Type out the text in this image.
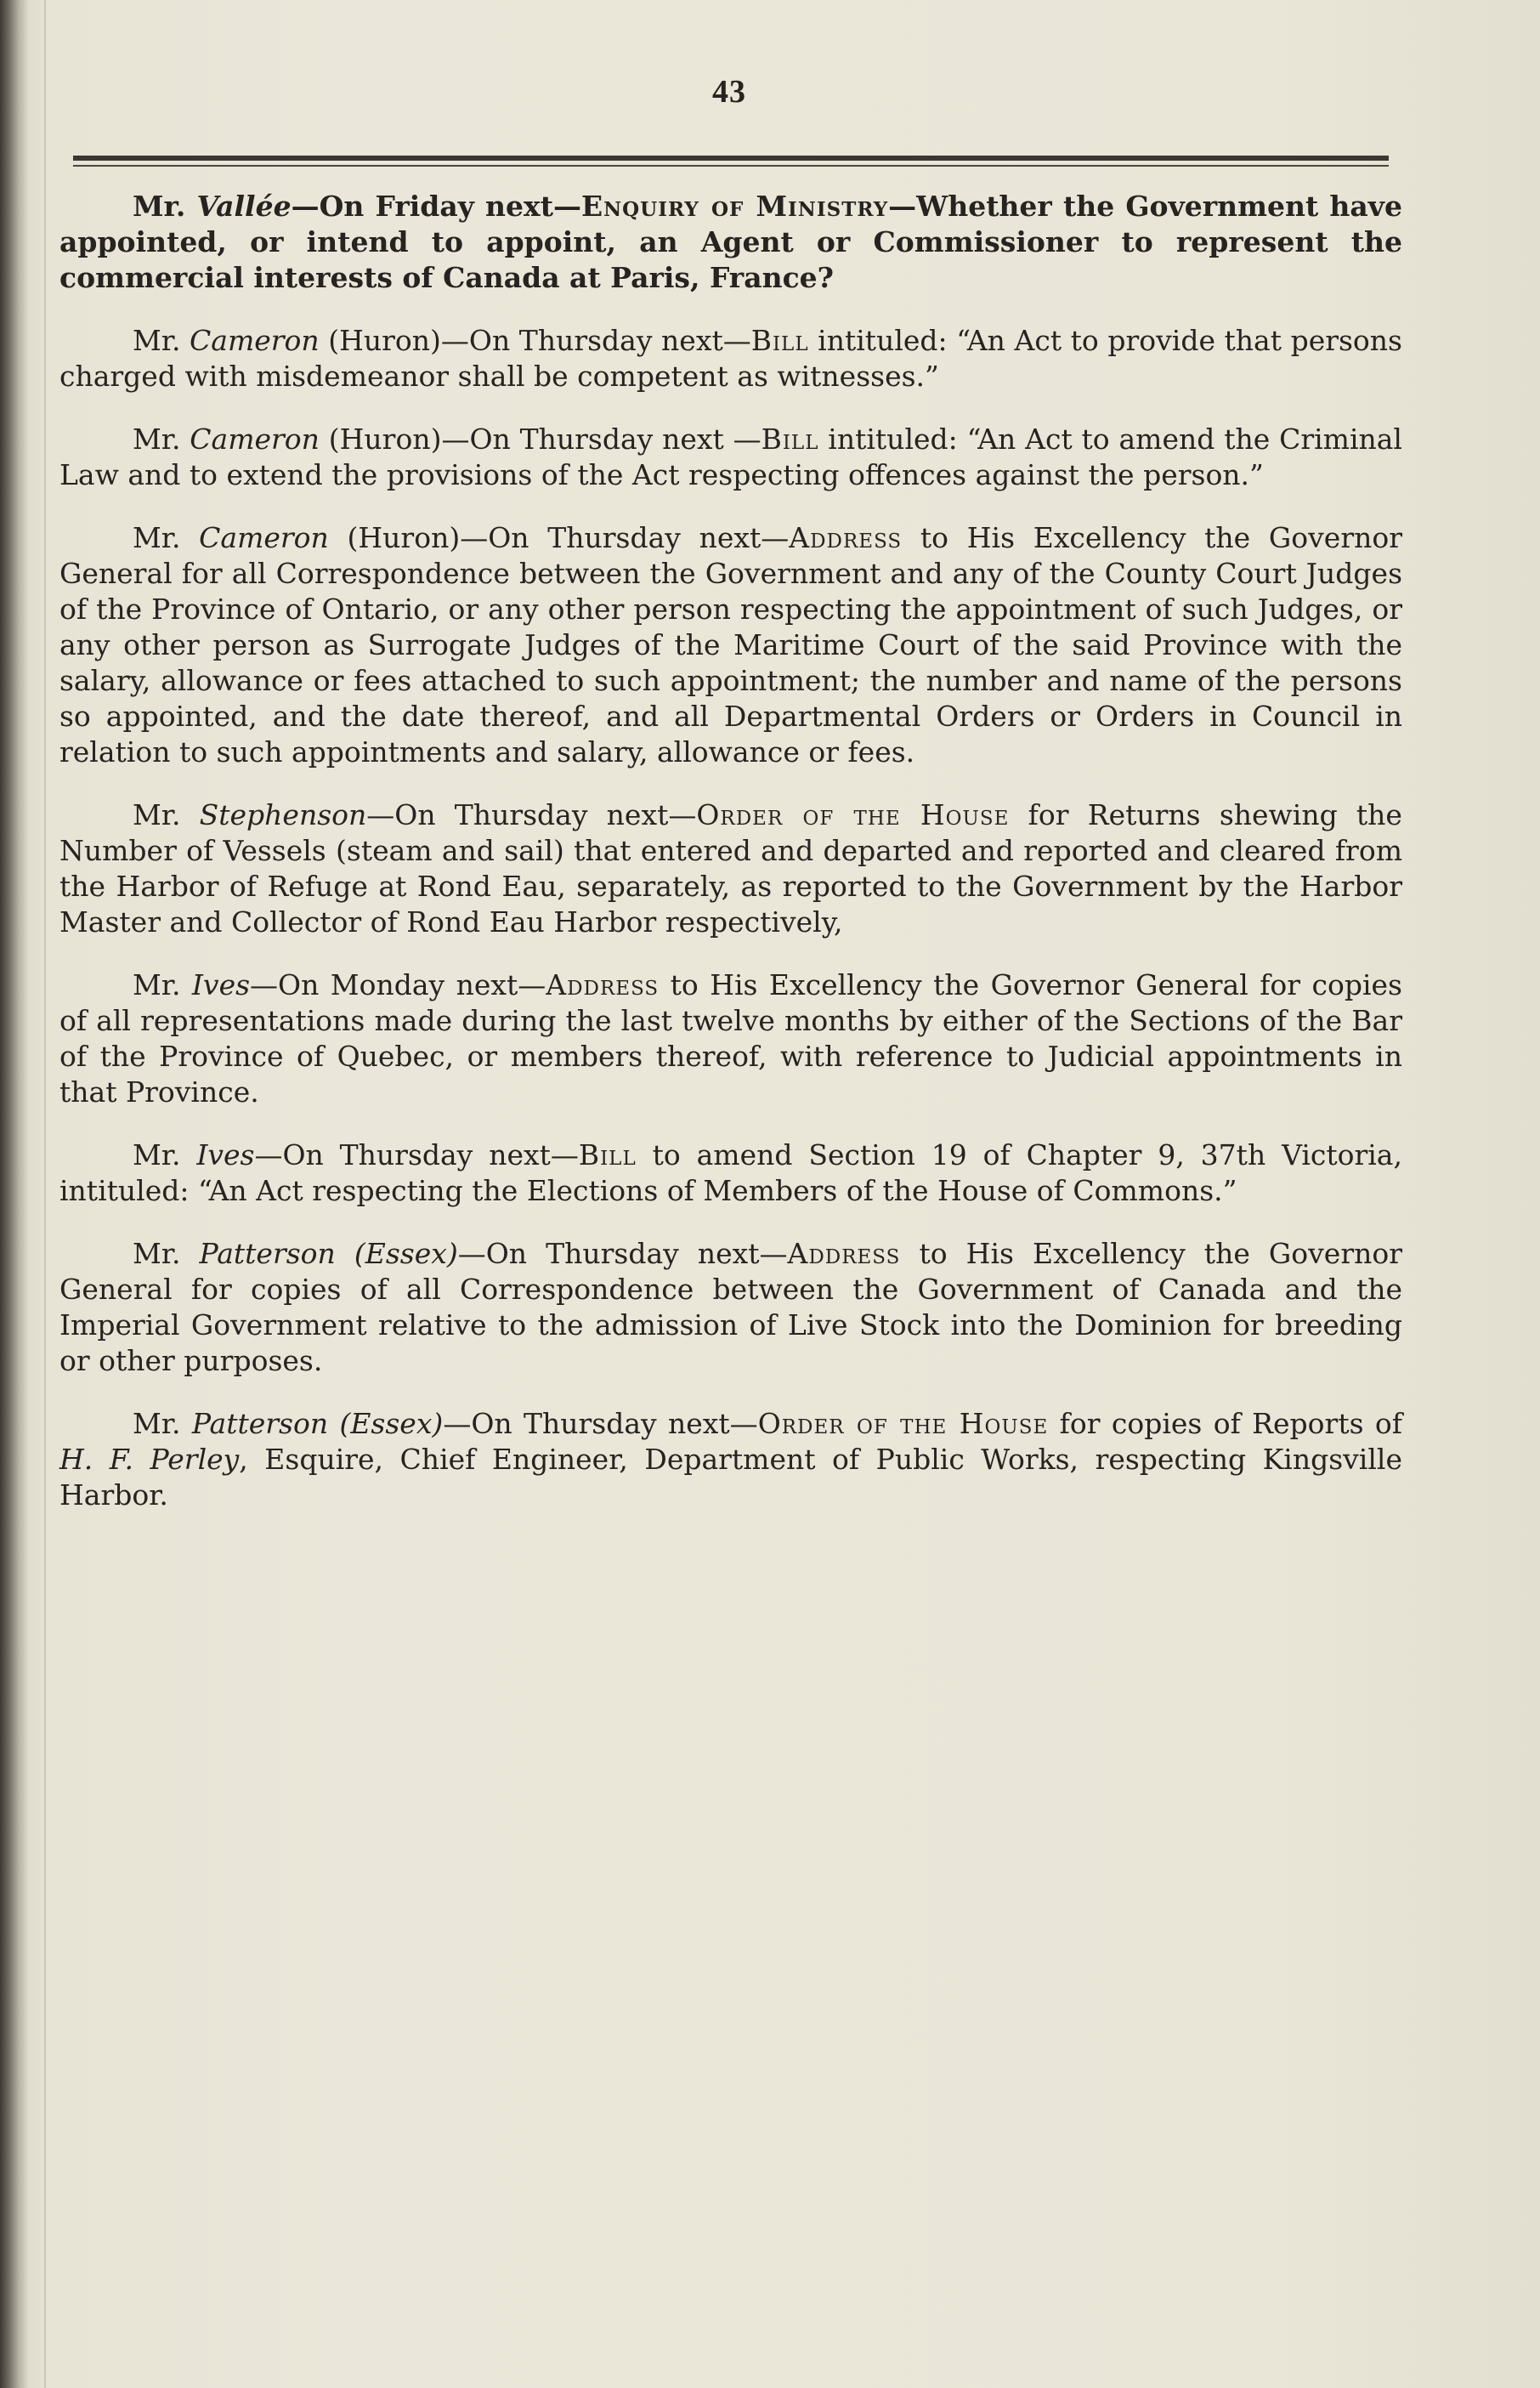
43

Mr. Vallée—On Friday next—Enquiry of Ministry—Whether the Government have appointed, or intend to appoint, an Agent or Commissioner to represent the commercial interests of Canada at Paris, France?

Mr. Cameron (Huron)—On Thursday next—Bill intituled: “An Act to provide that persons charged with misdemeanor shall be competent as witnesses.”

Mr. Cameron (Huron)—On Thursday next —Bill intituled: “An Act to amend the Criminal Law and to extend the provisions of the Act respecting offences against the person.”

Mr. Cameron (Huron)—On Thursday next—Address to His Excellency the Governor General for all Correspondence between the Government and any of the County Court Judges of the Province of Ontario, or any other person respecting the appointment of such Judges, or any other person as Surrogate Judges of the Maritime Court of the said Province with the salary, allowance or fees attached to such appointment; the number and name of the persons so appointed, and the date thereof, and all Departmental Orders or Orders in Council in relation to such appointments and salary, allowance or fees.

Mr. Stephenson—On Thursday next—Order of the House for Returns shewing the Number of Vessels (steam and sail) that entered and departed and reported and cleared from the Harbor of Refuge at Rond Eau, separately, as reported to the Government by the Harbor Master and Collector of Rond Eau Harbor respectively,

Mr. Ives—On Monday next—Address to His Excellency the Governor General for copies of all representations made during the last twelve months by either of the Sections of the Bar of the Province of Quebec, or members thereof, with reference to Judicial appointments in that Province.

Mr. Ives—On Thursday next—Bill to amend Section 19 of Chapter 9, 37th Victoria, intituled: “An Act respecting the Elections of Members of the House of Commons.”

Mr. Patterson (Essex)—On Thursday next—Address to His Excellency the Governor General for copies of all Correspondence between the Government of Canada and the Imperial Government relative to the admission of Live Stock into the Dominion for breeding or other purposes.

Mr. Patterson (Essex)—On Thursday next—Order of the House for copies of Reports of H. F. Perley, Esquire, Chief Engineer, Department of Public Works, respecting Kingsville Harbor.
